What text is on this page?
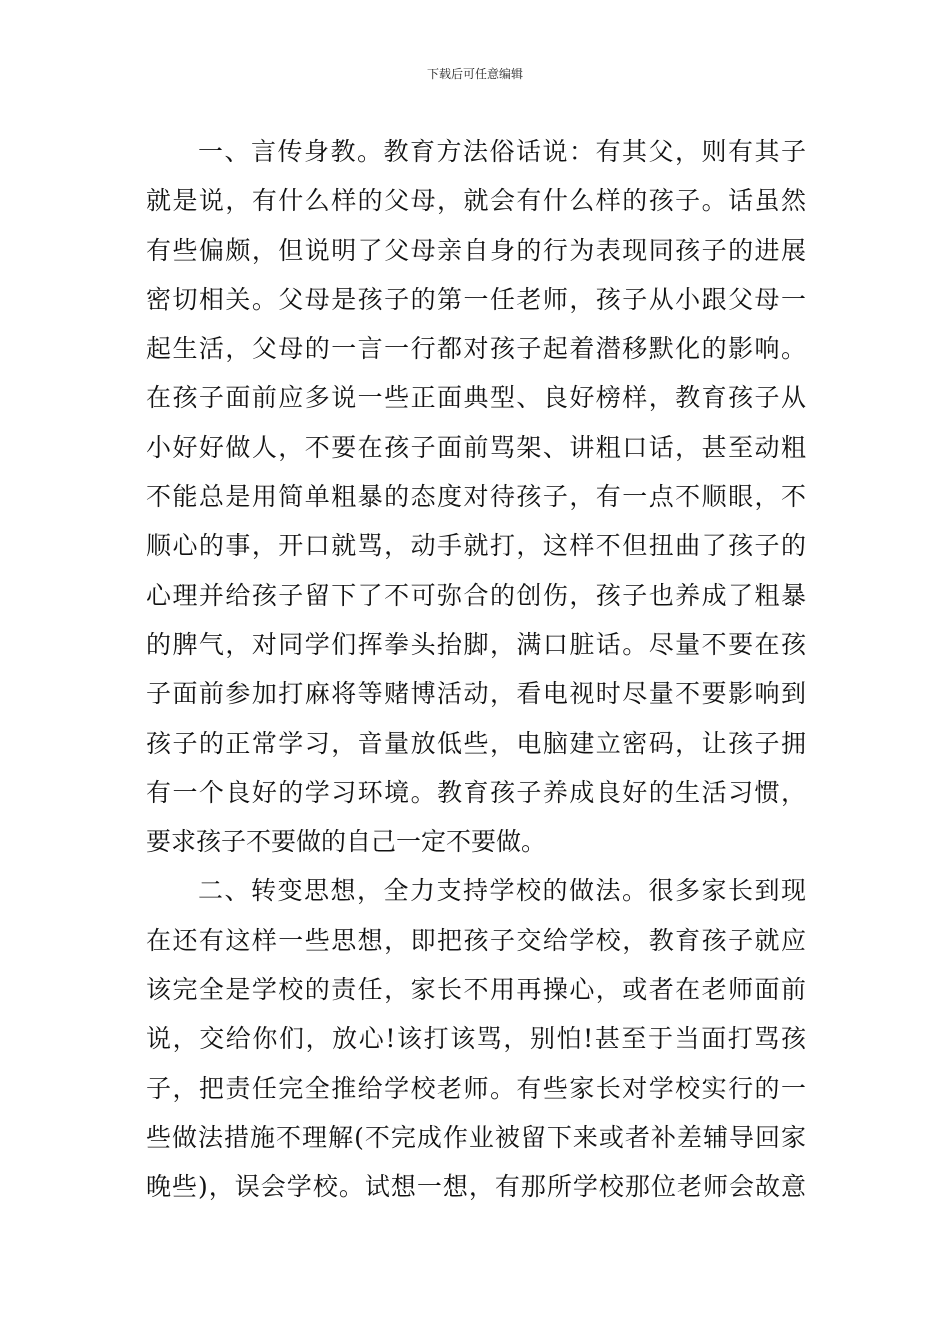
下载后可任意编辑
一、言传身教。教育方法俗话说：有其父，则有其子
就是说，有什么样的父母，就会有什么样的孩子。话虽然
有些偏颇，但说明了父母亲自身的行为表现同孩子的进展
密切相关。父母是孩子的第一任老师，孩子从小跟父母一
起生活，父母的一言一行都对孩子起着潜移默化的影响。
在孩子面前应多说一些正面典型、良好榜样，教育孩子从
小好好做人，不要在孩子面前骂架、讲粗口话，甚至动粗
不能总是用简单粗暴的态度对待孩子，有一点不顺眼，不
顺心的事，开口就骂，动手就打，这样不但扭曲了孩子的
心理并给孩子留下了不可弥合的创伤，孩子也养成了粗暴
的脾气，对同学们挥拳头抬脚，满口脏话。尽量不要在孩
子面前参加打麻将等赌博活动，看电视时尽量不要影响到
孩子的正常学习，音量放低些，电脑建立密码，让孩子拥
有一个良好的学习环境。教育孩子养成良好的生活习惯，
要求孩子不要做的自己一定不要做。
二、转变思想，全力支持学校的做法。很多家长到现
在还有这样一些思想，即把孩子交给学校，教育孩子就应
该完全是学校的责任，家长不用再操心，或者在老师面前
说，交给你们，放心!该打该骂，别怕!甚至于当面打骂孩
子，把责任完全推给学校老师。有些家长对学校实行的一
些做法措施不理解(不完成作业被留下来或者补差辅导回家
晚些)，误会学校。试想一想，有那所学校那位老师会故意
